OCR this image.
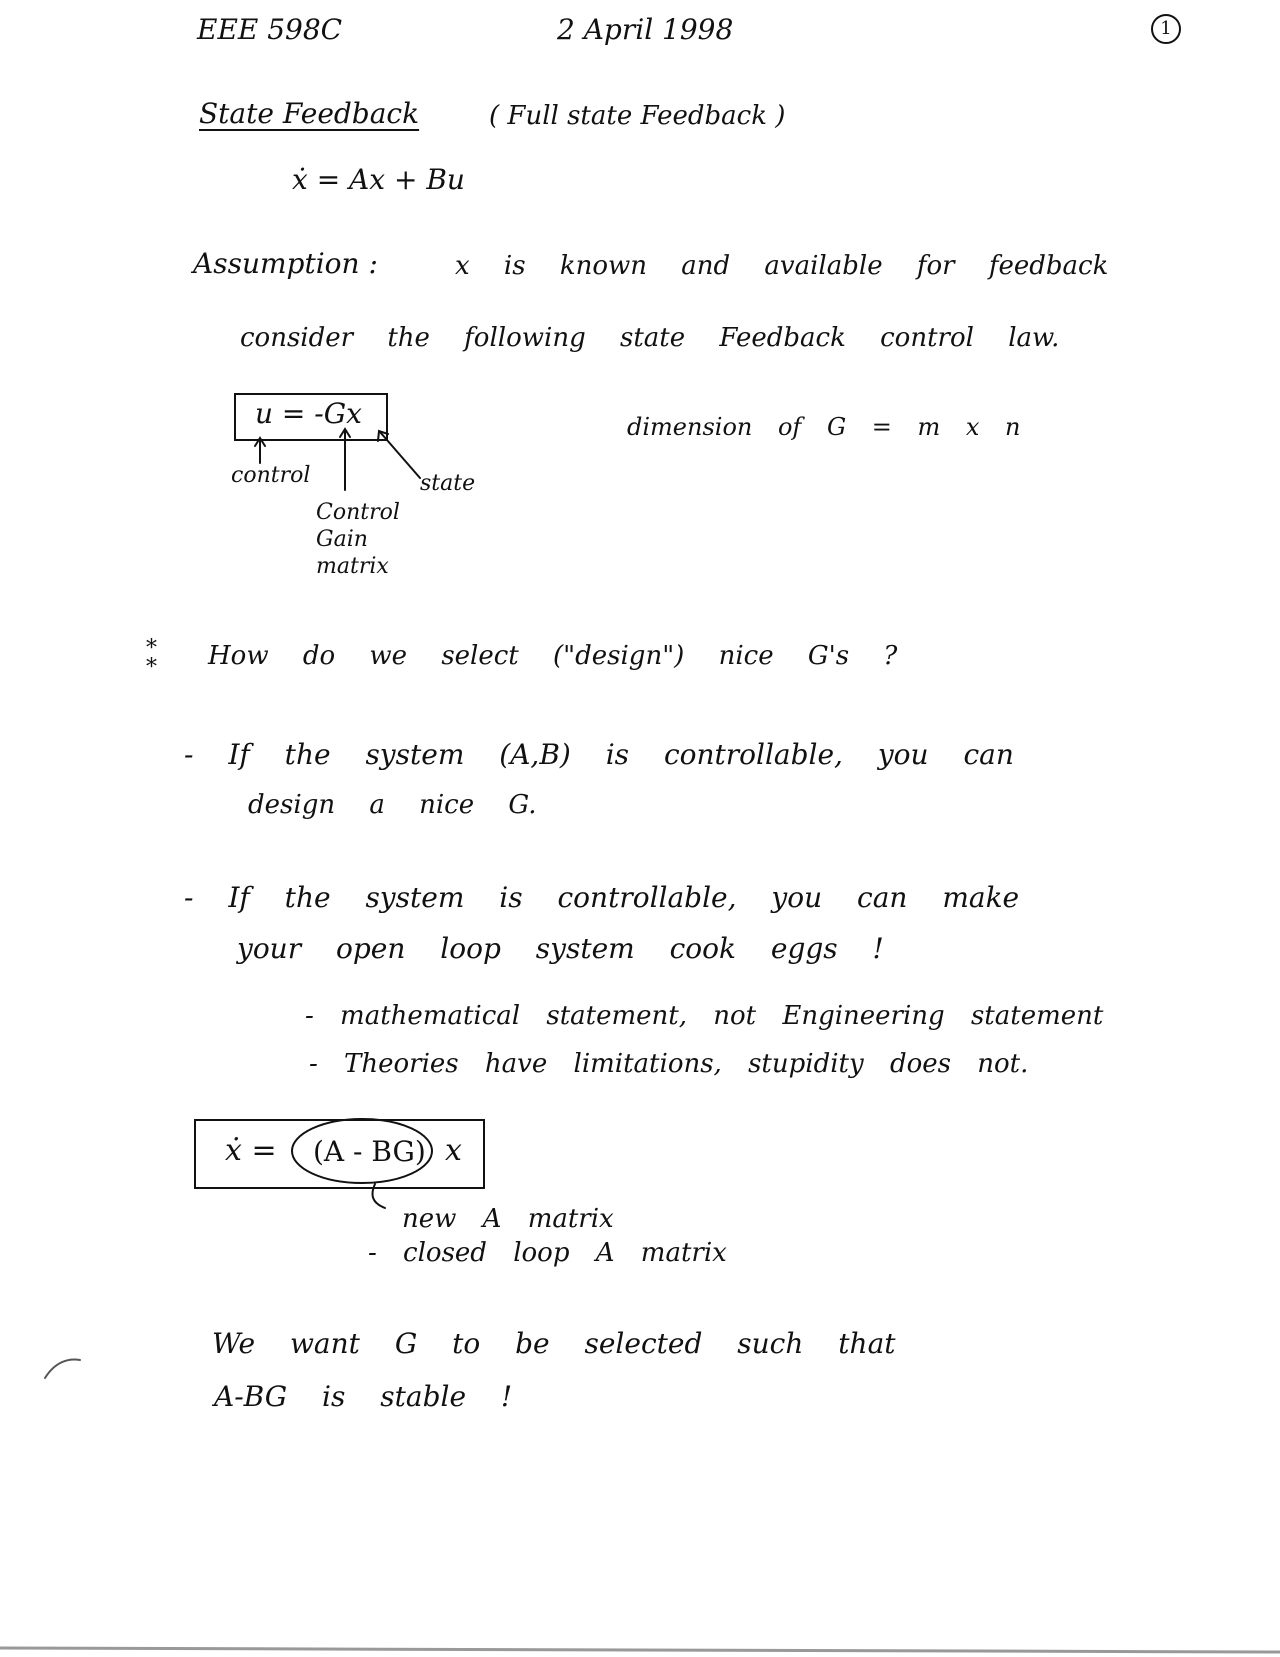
EEE 598C	2 April 1998	1
State Feedback	( Full state Feedback )
ẋ = Ax + Bu
Assumption :	x is known and available for feedback
consider the following state Feedback control law.
u = -Gx	dimension of G = m x n
control	state
Control
Gain
matrix
* *	How do we select ("design") nice G's ?
- If the system (A,B) is controllable, you can
design a nice G.
- If the system is controllable, you can make
your open loop system cook eggs !
- mathematical statement, not Engineering statement
- Theories have limitations, stupidity does not.
ẋ = (A - BG) x
new A matrix
- closed loop A matrix
We want G to be selected such that
A-BG is stable !
